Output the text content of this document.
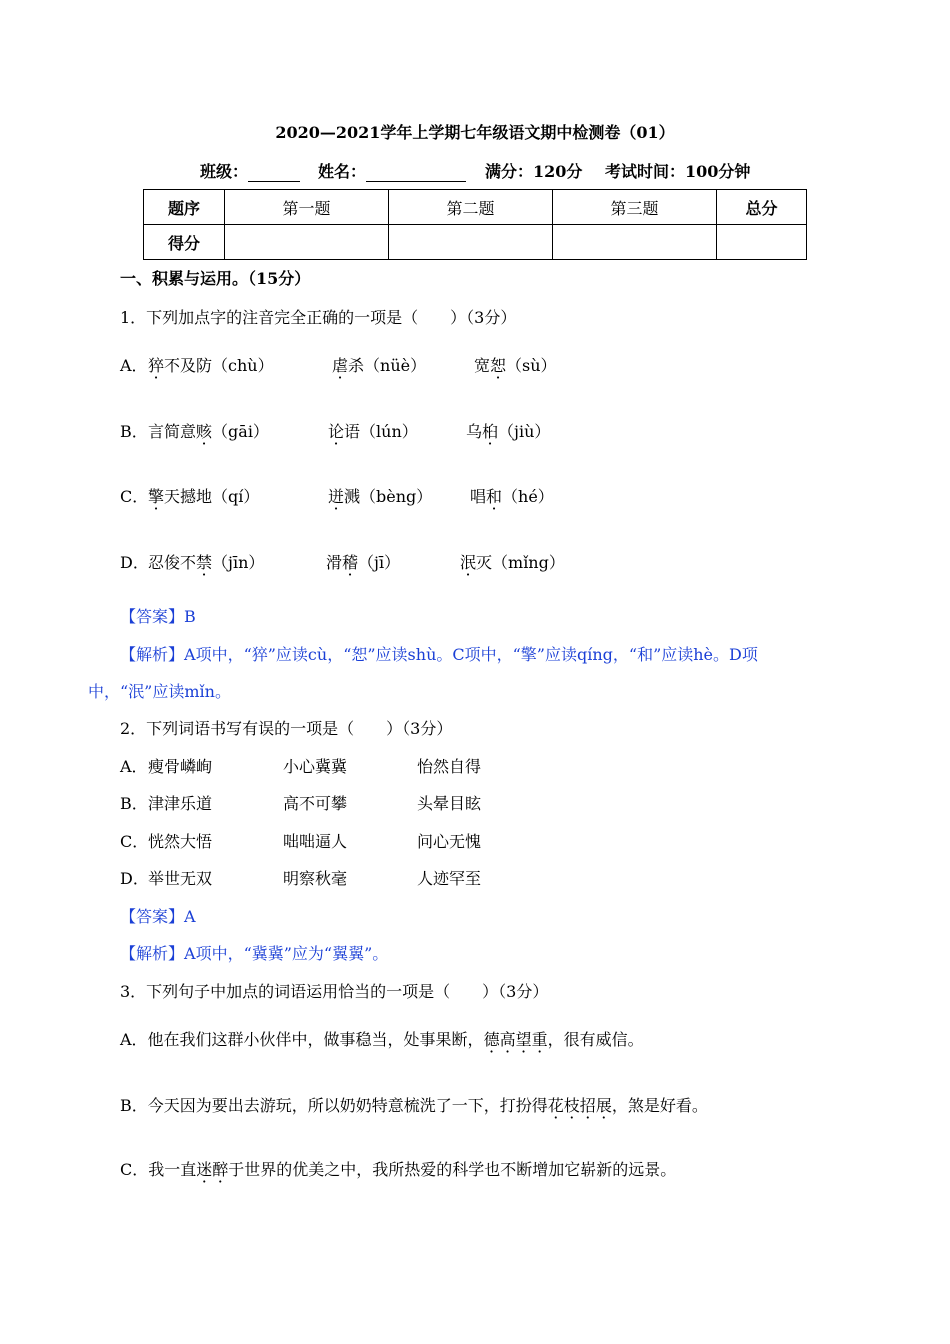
2020—2021学年上学期七年级语文期中检测卷（01）
班级：	姓名：	满分：120分 考试时间：100分钟
题序	第一题	第二题	第三题	总分
得分				
一、积累与运用。（15分）
1．下列加点字的注音完全正确的一项是（　　）（3分）
A． 猝不及防（chù）	虐杀（nüè）	宽恕（sù）
B． 言简意赅（gāi）	论语（lún）	乌桕（jiù）
C． 擎天撼地（qí）	迸溅（bèng） 唱和（hé）
D． 忍俊不禁（jīn）	滑稽（jī）	泯灭（mǐng）
【答案】B
【解析】A项中，“猝”应读cù，“恕”应读shù。C项中，“擎”应读qíng，“和”应读hè。D项
中，“泯”应读mǐn。
2．下列词语书写有误的一项是（　　）（3分）
A． 瘦骨嶙峋	小心冀冀	怡然自得
B． 津津乐道	高不可攀	头晕目眩
C． 恍然大悟	咄咄逼人	问心无愧
D． 举世无双	明察秋毫	人迹罕至
【答案】A
【解析】A项中，“冀冀”应为“翼翼”。
3．下列句子中加点的词语运用恰当的一项是（　　）（3分）
A．他在我们这群小伙伴中，做事稳当，处事果断，德高望重，很有威信。
B．今天因为要出去游玩，所以奶奶特意梳洗了一下，打扮得花枝招展，煞是好看。
C．我一直迷醉于世界的优美之中，我所热爱的科学也不断增加它崭新的远景。
